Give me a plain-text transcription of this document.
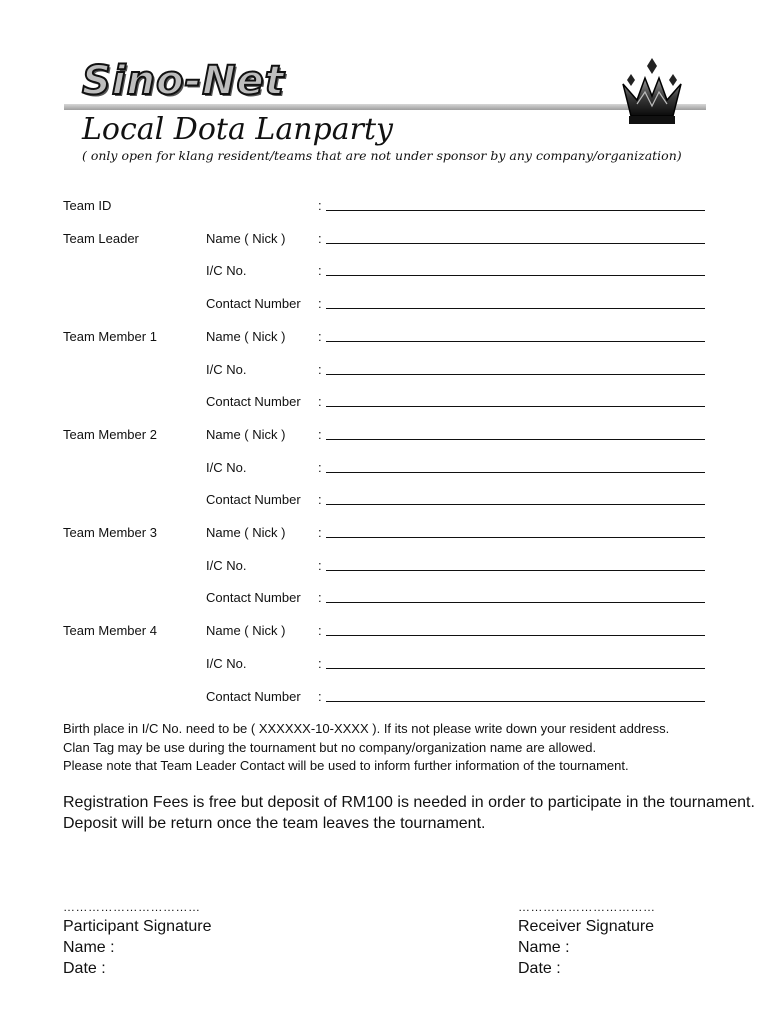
Sino-Net
Local Dota Lanparty
( only open for klang resident/teams that are not under sponsor by any company/organization)
Team ID	:
Team Leader	Name ( Nick )	:
I/C No.	:
Contact Number :
Team Member 1	Name ( Nick )	:
I/C No.	:
Contact Number :
Team Member 2	Name ( Nick )	:
I/C No.	:
Contact Number :
Team Member 3	Name ( Nick )	:
I/C No.	:
Contact Number :
Team Member 4	Name ( Nick )	:
I/C No.	:
Contact Number :
Birth place in I/C No. need to be ( XXXXXX-10-XXXX ). If its not please write down your resident address.
Clan Tag may be use during the tournament but no company/organization name are allowed.
Please note that Team Leader Contact will be used to inform further information of the tournament.
Registration Fees is free but deposit of RM100 is needed in order to participate in the tournament.
Deposit will be return once the team leaves the tournament.
……………………………
Participant Signature
Name :
Date :
……………………………
Receiver Signature
Name :
Date :
